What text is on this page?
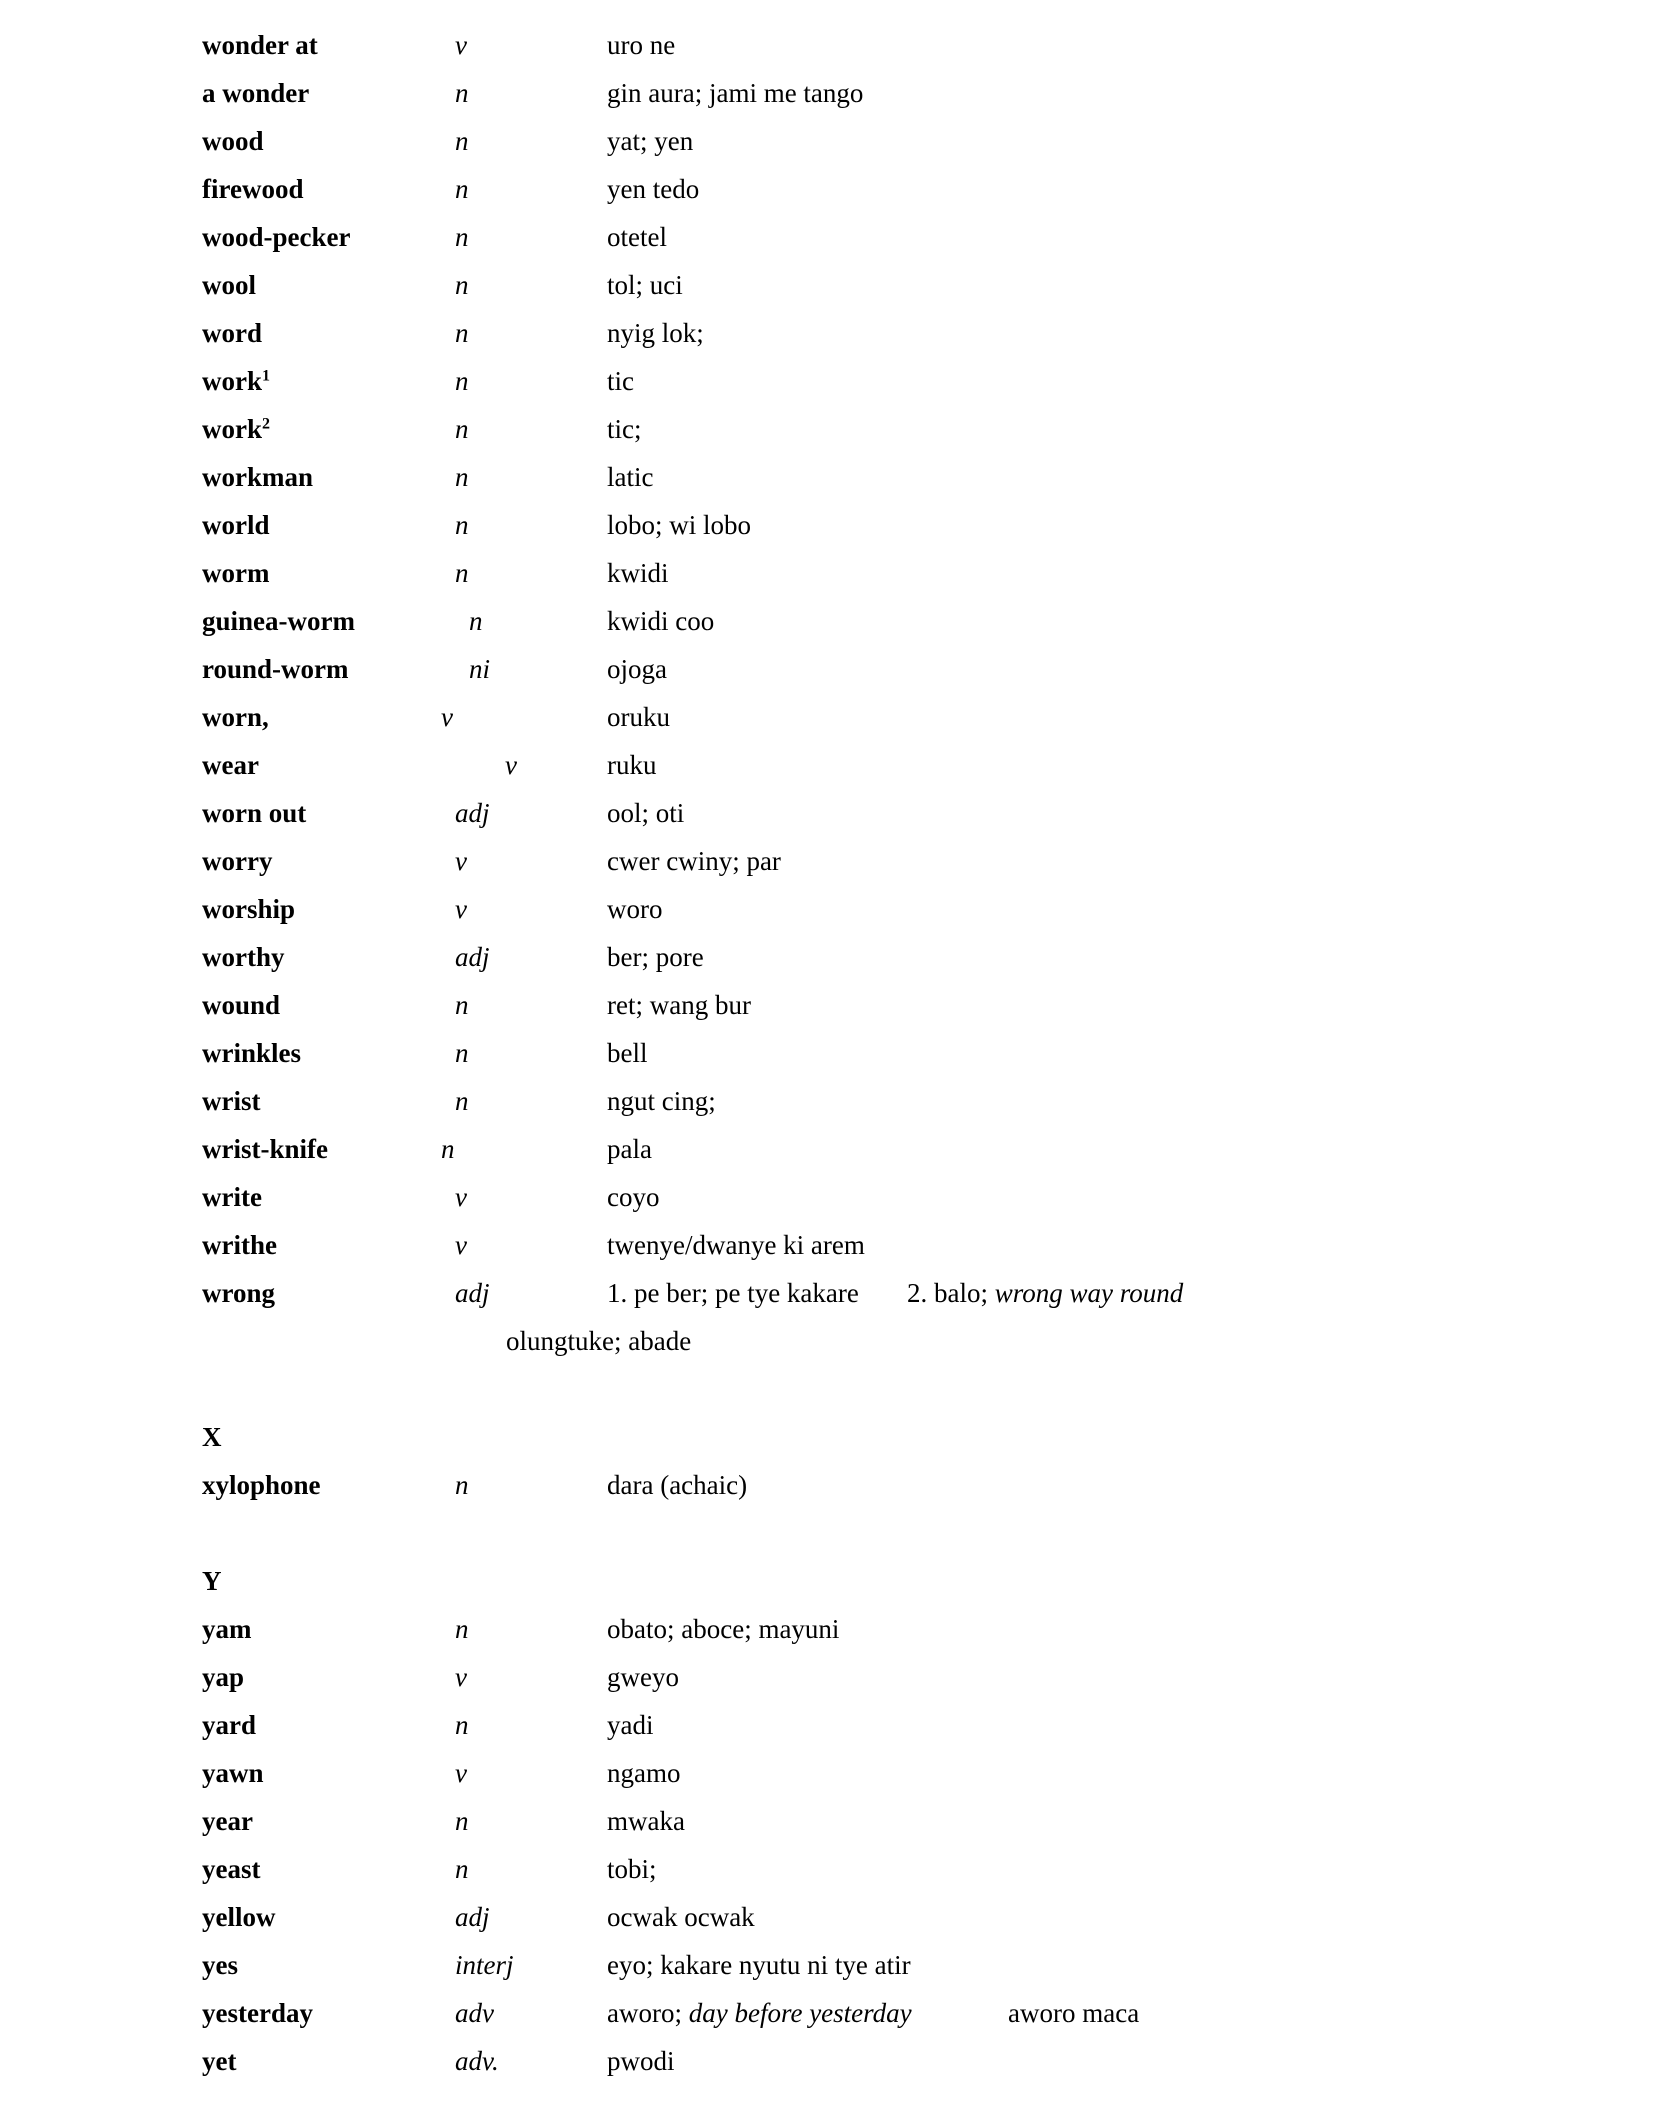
wonder at	v	uro ne
a wonder	n	gin aura; jami me tango
wood	n	yat; yen
firewood	n	yen tedo
wood-pecker	n	otetel
wool	n	tol; uci
word	n	nyig lok;
work$^1$	n	tic
work$^2$	n	tic;
workman	n	latic
world	n	lobo; wi lobo
worm	n	kwidi
guinea-worm	n	kwidi coo
round-worm	ni	ojoga
worn,	v	oruku
wear	v	ruku
worn out	adj	ool; oti
worry	v	cwer cwiny; par
worship	v	woro
worthy	adj	ber; pore
wound	n	ret; wang bur
wrinkles	n	bell
wrist	n	ngut cing;
wrist-knife	n	pala
write	v	coyo
writhe	v	twenye/dwanye ki arem
wrong	adj	1. pe ber; pe tye kakare 2. balo; wrong way round
olungtuke; abade
X
xylophone	n	dara (achaic)
Y
yam	n	obato; aboce; mayuni
yap	v	gweyo
yard	n	yadi
yawn	v	ngamo
year	n	mwaka
yeast	n	tobi;
yellow	adj	ocwak ocwak
yes	interj	eyo; kakare nyutu ni tye atir
yesterday	adv	aworo; day before yesterday	aworo maca
yet	adv.	pwodi
